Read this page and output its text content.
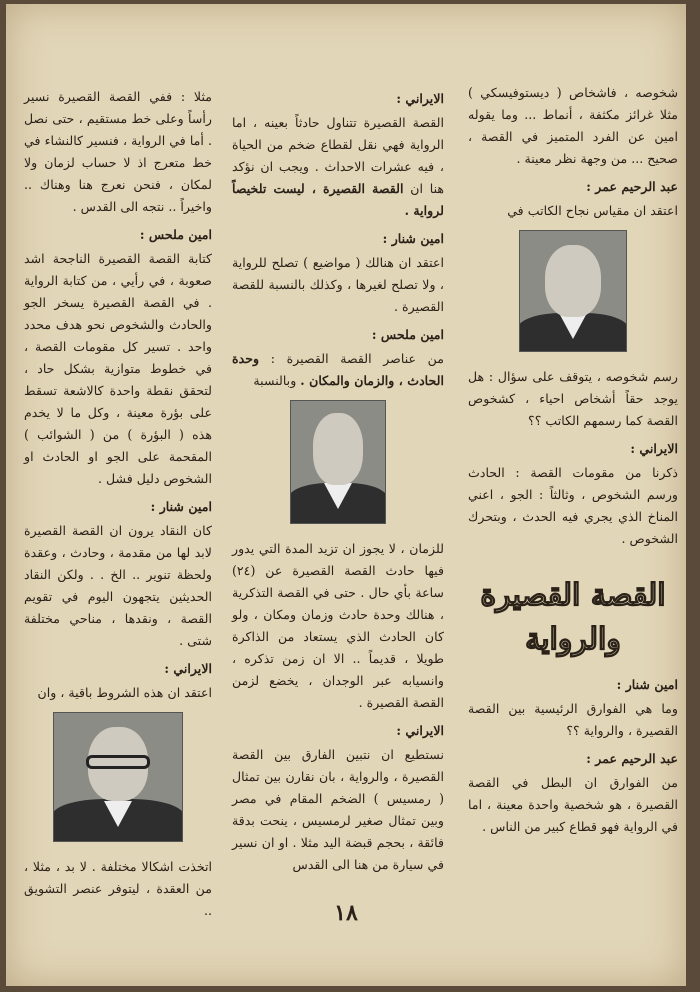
شخوصه ، فاشخاص ( ديستوفيسكي ) مثلا غرائز مكثفة ، أنماط ... وما يقوله امين عن الفرد المتميز في القصة ، صحيح ... من وجهة نظر معينة .

عبد الرحيم عمر :

اعتقد ان مقياس نجاح الكاتب في

رسم شخوصه ، يتوقف على سؤال : هل يوجد حقاً أشخاص احياء ، كشخوص القصة كما رسمهم الكاتب ؟؟

الايراني :

ذكرنا من مقومات القصة : الحادث ورسم الشخوص ، وثالثاً : الجو ، اعني المناخ الذي يجري فيه الحدث ، وبتحرك الشخوص .

القصة القصيرة
والرواية
امين شنار :

وما هي الفوارق الرئيسية بين القصة القصيرة ، والرواية ؟؟

عبد الرحيم عمر :

من الفوارق ان البطل في القصة القصيرة ، هو شخصية واحدة معينة ، اما في الرواية فهو قطاع كبير من الناس .

الايراني :

القصة القصيرة تتناول حادثاً بعينه ، اما الرواية فهي نقل لقطاع ضخم من الحياة ، فيه عشرات الاحداث . ويجب ان نؤكد هنا ان القصة القصيرة ، ليست تلخيصاً لرواية .

امين شنار :

اعتقد ان هنالك ( مواضيع ) تصلح للرواية ، ولا تصلح لغيرها ، وكذلك بالنسبة للقصة القصيرة .

امين ملحس :

من عناصر القصة القصيرة : وحدة الحادث ، والزمان والمكان . وبالنسبة

للزمان ، لا يجوز ان تزيد المدة التي يدور فيها حادث القصة القصيرة عن (٢٤) ساعة بأي حال . حتى في القصة التذكرية ، هنالك وحدة حادث وزمان ومكان ، ولو كان الحادث الذي يستعاد من الذاكرة طويلا ، قديماً .. الا ان زمن تذكره ، وانسيابه عبر الوجدان ، يخضع لزمن القصة القصيرة .

الايراني :

نستطيع ان نتبين الفارق بين القصة القصيرة ، والرواية ، بان نقارن بين تمثال ( رمسيس ) الضخم المقام في مصر وبين تمثال صغير لرمسيس ، ينحت بدقة فائقة ، بحجم قبضة اليد مثلا . او ان نسير في سيارة من هنا الى القدس

مثلا : ففي القصة القصيرة نسير رأساً وعلى خط مستقيم ، حتى نصل . أما في الرواية ، فنسير كالنشاء في خط متعرج اذ لا حساب لزمان ولا لمكان ، فنحن نعرج هنا وهناك .. واخيراً .. نتجه الى القدس .

امين ملحس :

كتابة القصة القصيرة الناجحة اشد صعوبة ، في رأيي ، من كتابة الرواية . في القصة القصيرة يسخر الجو والحادث والشخوص نحو هدف محدد واحد . تسير كل مقومات القصة ، في خطوط متوازية بشكل حاد ، لتحقق نقطة واحدة كالاشعة تسقط على بؤرة معينة ، وكل ما لا يخدم هذه ( البؤرة ) من ( الشوائب ) المقحمة على الجو او الحادث او الشخوص دليل فشل .

امين شنار :

كان النقاد يرون ان القصة القصيرة لابد لها من مقدمة ، وحادث ، وعقدة ولحظة تنوير .. الخ . . ولكن النقاد الحديثين يتجهون اليوم في تقويم القصة ، ونقدها ، مناحي مختلفة شتى .

الايراني :

اعتقد ان هذه الشروط باقية ، وان

اتخذت اشكالا مختلفة . لا بد ، مثلا ، من العقدة ، ليتوفر عنصر التشويق ..	١٨
